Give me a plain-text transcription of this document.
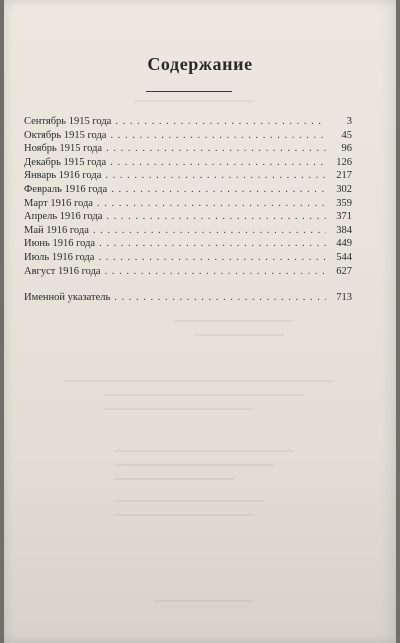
Содержание
Сентябрь 1915 года . . .	3
Октябрь 1915 года . . .	45
Ноябрь 1915 года . . .	96
Декабрь 1915 года . . .	126
Январь 1916 года . . .	217
Февраль 1916 года . . .	302
Март 1916 года . . .	359
Апрель 1916 года . . .	371
Май 1916 года . . .	384
Июнь 1916 года . . .	449
Июль 1916 года . . .	544
Август 1916 года . . .	627
Именной указатель . . .	713
